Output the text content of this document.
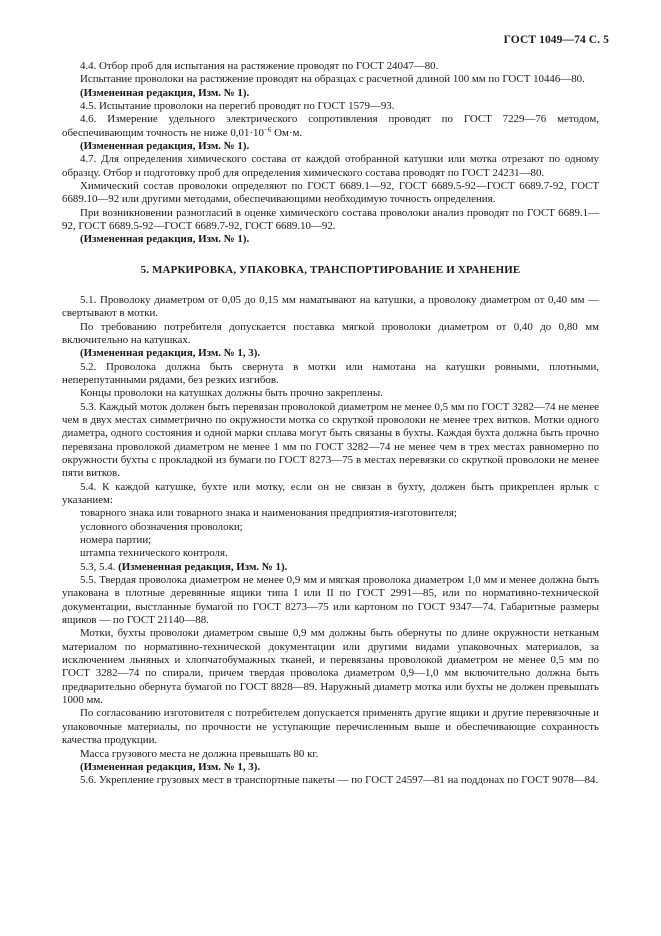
ГОСТ 1049—74 С. 5

4.4. Отбор проб для испытания на растяжение проводят по ГОСТ 24047—80.

Испытание проволоки на растяжение проводят на образцах с расчетной длиной 100 мм по ГОСТ 10446—80.

(Измененная редакция, Изм. № 1).

4.5. Испытание проволоки на перегиб проводят по ГОСТ 1579—93.

4.6. Измерение удельного электрического сопротивления проводят по ГОСТ 7229—76 методом, обеспечивающим точность не ниже $0,01\cdot 10^{-6}$ Ом·м.

(Измененная редакция, Изм. № 1).

4.7. Для определения химического состава от каждой отобранной катушки или мотка отрезают по одному образцу. Отбор и подготовку проб для определения химического состава проводят по ГОСТ 24231—80.

Химический состав проволоки определяют по ГОСТ 6689.1—92, ГОСТ 6689.5-92—ГОСТ 6689.7-92, ГОСТ 6689.10—92 или другими методами, обеспечивающими необходимую точность определения.

При возникновении разногласий в оценке химического состава проволоки анализ проводят по ГОСТ 6689.1—92, ГОСТ 6689.5-92—ГОСТ 6689.7-92, ГОСТ 6689.10—92.

(Измененная редакция, Изм. № 1).

5. МАРКИРОВКА, УПАКОВКА, ТРАНСПОРТИРОВАНИЕ И ХРАНЕНИЕ

5.1. Проволоку диаметром от 0,05 до 0,15 мм наматывают на катушки, а проволоку диаметром от 0,40 мм — свертывают в мотки.

По требованию потребителя допускается поставка мягкой проволоки диаметром от 0,40 до 0,80 мм включительно на катушках.

(Измененная редакция, Изм. № 1, 3).

5.2. Проволока должна быть свернута в мотки или намотана на катушки ровными, плотными, неперепутанными рядами, без резких изгибов.

Концы проволоки на катушках должны быть прочно закреплены.

5.3. Каждый моток должен быть перевязан проволокой диаметром не менее 0,5 мм по ГОСТ 3282—74 не менее чем в двух местах симметрично по окружности мотка со скруткой проволоки не менее трех витков. Мотки одного диаметра, одного состояния и одной марки сплава могут быть связаны в бухты. Каждая бухта должна быть прочно перевязана проволокой диаметром не менее 1 мм по ГОСТ 3282—74 не менее чем в трех местах равномерно по окружности бухты с прокладкой из бумаги по ГОСТ 8273—75 в местах перевязки со скруткой проволоки не менее пяти витков.

5.4. К каждой катушке, бухте или мотку, если он не связан в бухту, должен быть прикреплен ярлык с указанием:

товарного знака или товарного знака и наименования предприятия-изготовителя;

условного обозначения проволоки;

номера партии;

штампа технического контроля.

5.3, 5.4. (Измененная редакция, Изм. № 1).

5.5. Твердая проволока диаметром не менее 0,9 мм и мягкая проволока диаметром 1,0 мм и менее должна быть упакована в плотные деревянные ящики типа I или II по ГОСТ 2991—85, или по нормативно-технической документации, выстланные бумагой по ГОСТ 8273—75 или картоном по ГОСТ 9347—74. Габаритные размеры ящиков — по ГОСТ 21140—88.

Мотки, бухты проволоки диаметром свыше 0,9 мм должны быть обернуты по длине окружности нетканым материалом по нормативно-технической документации или другими видами упаковочных материалов, за исключением льняных и хлопчатобумажных тканей, и перевязаны проволокой диаметром не менее 0,5 мм по ГОСТ 3282—74 по спирали, причем твердая проволока диаметром 0,9—1,0 мм включительно должна быть предварительно обернута бумагой по ГОСТ 8828—89. Наружный диаметр мотка или бухты не должен превышать 1000 мм.

По согласованию изготовителя с потребителем допускается применять другие ящики и другие перевязочные и упаковочные материалы, по прочности не уступающие перечисленным выше и обеспечивающие сохранность качества продукции.

Масса грузового места не должна превышать 80 кг.

(Измененная редакция, Изм. № 1, 3).

5.6. Укрепление грузовых мест в транспортные пакеты — по ГОСТ 24597—81 на поддонах по ГОСТ 9078—84.
